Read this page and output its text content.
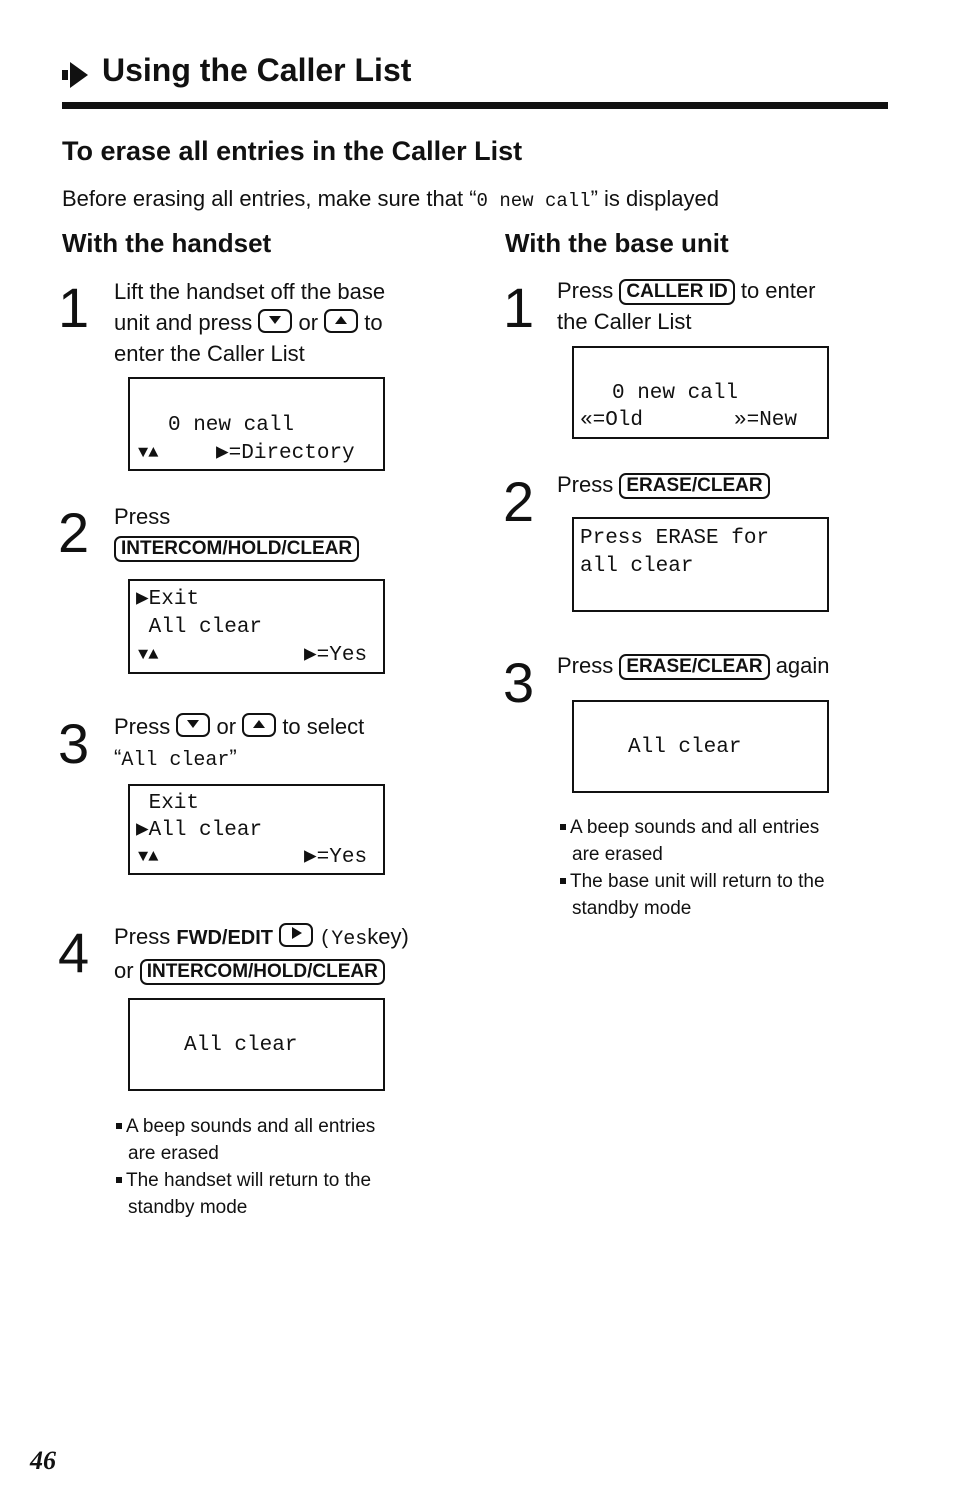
Using the Caller List
To erase all entries in the Caller List
Before erasing all entries, make sure that “0 new call” is displayed
With the handset
1 Lift the handset off the base
unit and press or to
enter the Caller List
0 new call
▼▲	▶=Directory
2 Press
INTERCOM/HOLD/CLEAR
▶Exit
All clear
▼▲	▶=Yes
3 Press or to select
“All clear”
Exit
▶All clear
▼▲	▶=Yes
4 Press FWD/EDIT (Yeskey)
or INTERCOM/HOLD/CLEAR
All clear
A beep sounds and all entries
are erased
The handset will return to the
standby mode
With the base unit
1 Press CALLER ID to enter
the Caller List
0 new call
«=Old	»=New
2 Press ERASE/CLEAR
Press ERASE for
all clear
3 Press ERASE/CLEAR again
All clear
A beep sounds and all entries
are erased
The base unit will return to the
standby mode
46
